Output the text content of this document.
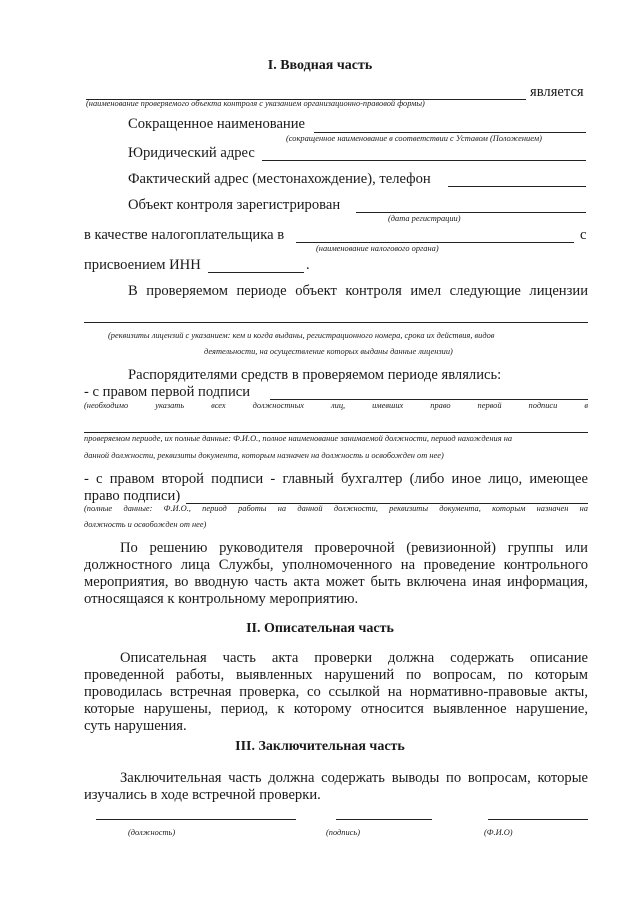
I. Вводная часть
является
(наименование проверяемого объекта контроля с указанием организационно-правовой формы)
Сокращенное наименование
(сокращенное наименование в соответствии с Уставом (Положением)
Юридический адрес
Фактический адрес (местонахождение), телефон
Объект контроля зарегистрирован
(дата регистрации)
в качестве налогоплательщика в	с
(наименование налогового органа)
присвоением ИНН	.
В проверяемом периоде объект контроля имел следующие лицензии
(реквизиты лицензий с указанием: кем и когда выданы, регистрационного номера, срока их действия, видов
деятельности, на осуществление которых выданы данные лицензии)
Распорядителями средств в проверяемом периоде являлись:
- с правом первой подписи
(необходимо указать всех должностных лиц, имевших право первой подписи в
проверяемом периоде, их полные данные: Ф.И.О., полное наименование занимаемой должности, период нахождения на
данной должности, реквизиты документа, которым назначен на должность и освобожден от нее)
- с правом второй подписи - главный бухгалтер (либо иное лицо, имеющее
право подписи)
(полные данные: Ф.И.О., период работы на данной должности, реквизиты документа, которым назначен на
должность и освобожден от нее)
По решению руководителя проверочной (ревизионной) группы или
должностного лица Службы, уполномоченного на проведение контрольного
мероприятия, во вводную часть акта может быть включена иная информация,
относящаяся к контрольному мероприятию.
II. Описательная часть
Описательная часть акта проверки должна содержать описание
проведенной работы, выявленных нарушений по вопросам, по которым
проводилась встречная проверка, со ссылкой на нормативно-правовые акты,
которые нарушены, период, к которому относится выявленное нарушение,
суть нарушения.
III. Заключительная часть
Заключительная часть должна содержать выводы по вопросам, которые
изучались в ходе встречной проверки.
(должность)	(подпись)	(Ф.И.О)
